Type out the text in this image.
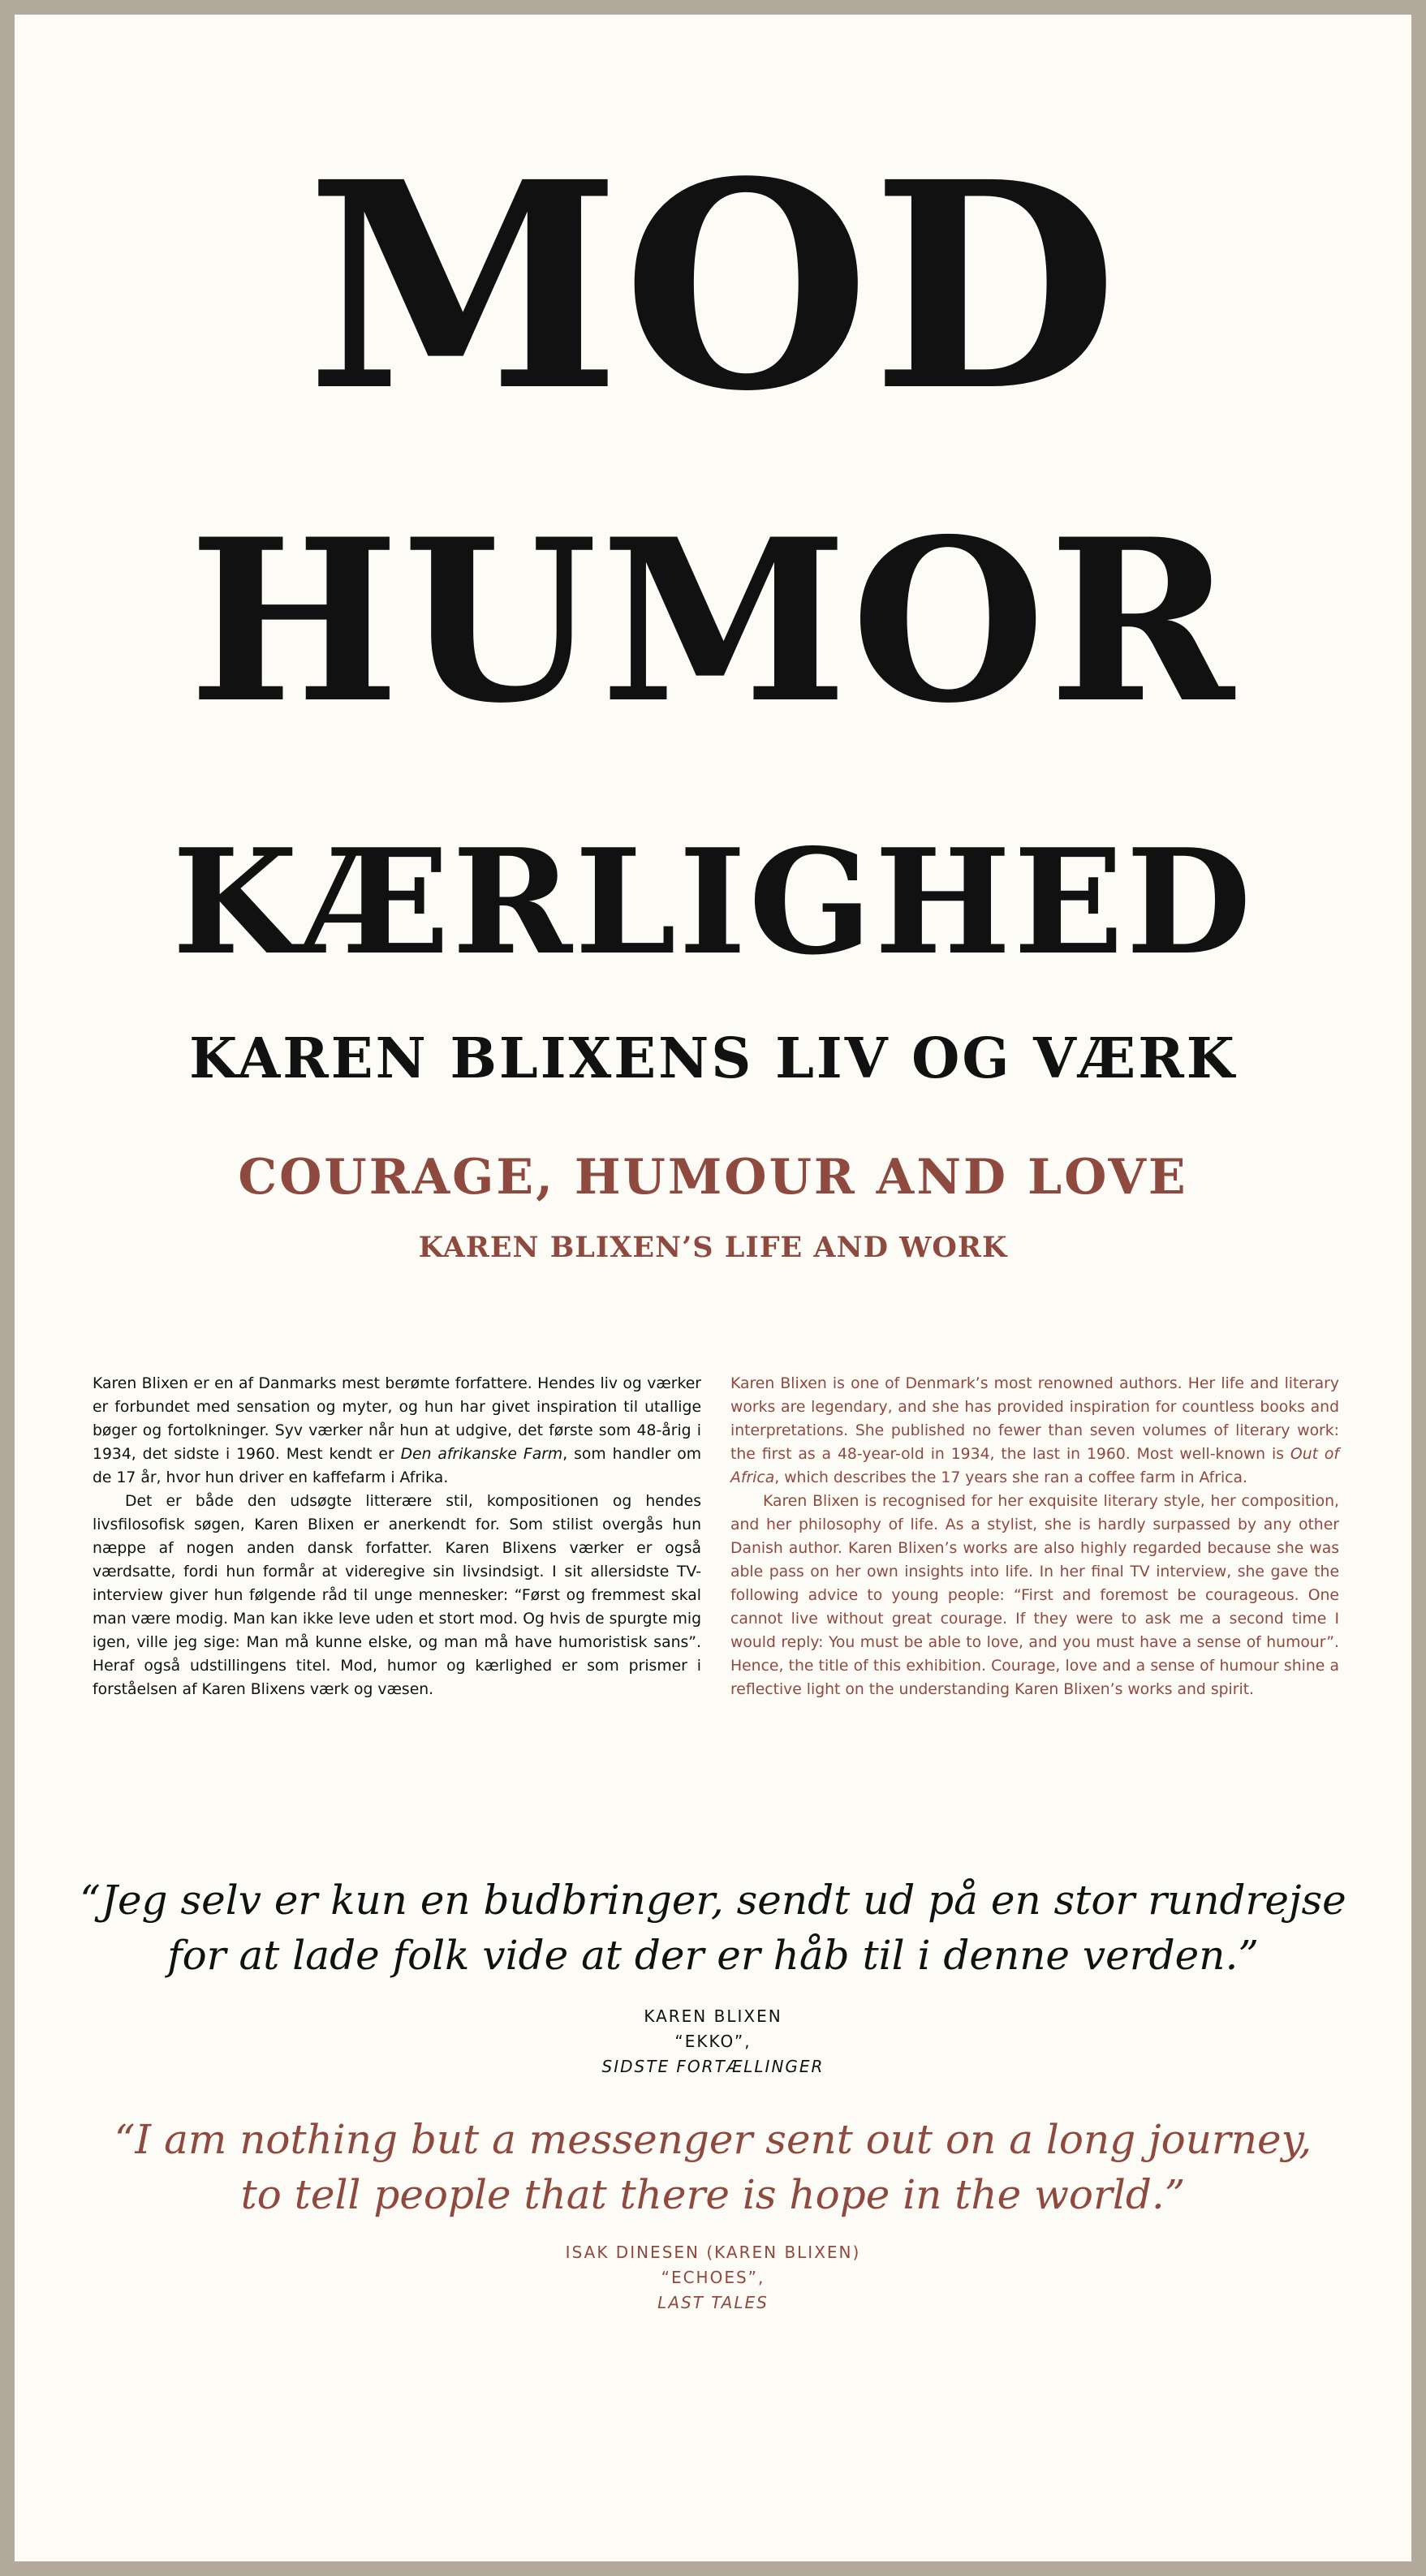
MOD
HUMOR
KÆRLIGHED
KAREN BLIXENS LIV OG VÆRK
COURAGE, HUMOUR AND LOVE
KAREN BLIXEN’S LIFE AND WORK

Karen Blixen er en af Danmarks mest berømte forfattere. Hendes liv og værker er forbundet med sensation og myter, og hun har givet inspiration til utallige bøger og fortolkninger. Syv værker når hun at udgive, det første som 48-årig i 1934, det sidste i 1960. Mest kendt er Den afrikanske Farm, som handler om de 17 år, hvor hun driver en kaffefarm i Afrika.

Det er både den udsøgte litterære stil, kompositionen og hendes livsfilosofisk søgen, Karen Blixen er anerkendt for. Som stilist overgås hun næppe af nogen anden dansk forfatter. Karen Blixens værker er også værdsatte, fordi hun formår at videregive sin livsindsigt. I sit allersidste TV-interview giver hun følgende råd til unge mennesker: “Først og fremmest skal man være modig. Man kan ikke leve uden et stort mod. Og hvis de spurgte mig igen, ville jeg sige: Man må kunne elske, og man må have humoristisk sans”. Heraf også udstillingens titel. Mod, humor og kærlighed er som prismer i forståelsen af Karen Blixens værk og væsen.

Karen Blixen is one of Denmark’s most renowned authors. Her life and literary works are legendary, and she has provided inspiration for countless books and interpretations. She published no fewer than seven volumes of literary work: the first as a 48-year-old in 1934, the last in 1960. Most well-known is Out of Africa, which describes the 17 years she ran a coffee farm in Africa.

Karen Blixen is recognised for her exquisite literary style, her composition, and her philosophy of life. As a stylist, she is hardly surpassed by any other Danish author. Karen Blixen’s works are also highly regarded because she was able pass on her own insights into life. In her final TV interview, she gave the following advice to young people: “First and foremost be courageous. One cannot live without great courage. If they were to ask me a second time I would reply: You must be able to love, and you must have a sense of humour”. Hence, the title of this exhibition. Courage, love and a sense of humour shine a reflective light on the understanding Karen Blixen’s works and spirit.

“Jeg selv er kun en budbringer, sendt ud på en stor rundrejse
for at lade folk vide at der er håb til i denne verden.”
KAREN BLIXEN
“EKKO”,
SIDSTE FORTÆLLINGER
“I am nothing but a messenger sent out on a long journey,
to tell people that there is hope in the world.”
ISAK DINESEN (KAREN BLIXEN)
“ECHOES”,
LAST TALES
